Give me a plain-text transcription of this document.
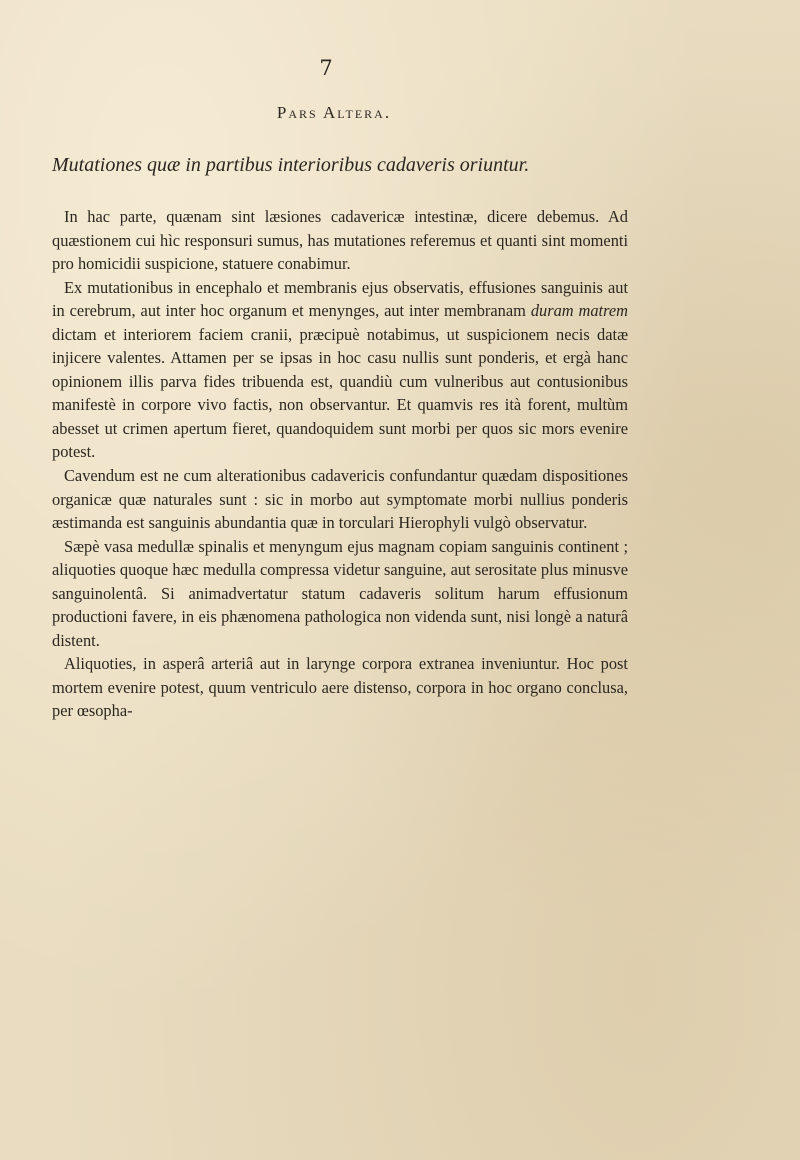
7
Pars Altera.
Mutationes quæ in partibus interioribus cadaveris oriuntur.

In hac parte, quænam sint læsiones cadavericæ intestinæ, dicere debemus. Ad quæstionem cui hìc responsuri sumus, has mutationes referemus et quanti sint momenti pro homicidii suspicione, statuere conabimur.

Ex mutationibus in encephalo et membranis ejus observatis, effusiones sanguinis aut in cerebrum, aut inter hoc organum et menynges, aut inter membranam duram matrem dictam et interiorem faciem cranii, præcipuè notabimus, ut suspicionem necis datæ injicere valentes. Attamen per se ipsas in hoc casu nullis sunt ponderis, et ergà hanc opinionem illis parva fides tribuenda est, quandiù cum vulneribus aut contusionibus manifestè in corpore vivo factis, non observantur. Et quamvis res ità forent, multùm abesset ut crimen apertum fieret, quandoquidem sunt morbi per quos sic mors evenire potest.

Cavendum est ne cum alterationibus cadavericis confundantur quædam dispositiones organicæ quæ naturales sunt : sic in morbo aut symptomate morbi nullius ponderis æstimanda est sanguinis abundantia quæ in torculari Hierophyli vulgò observatur.

Sæpè vasa medullæ spinalis et menyngum ejus magnam copiam sanguinis continent ; aliquoties quoque hæc medulla compressa videtur sanguine, aut serositate plus minusve sanguinolentâ. Si animadvertatur statum cadaveris solitum harum effusionum productioni favere, in eis phænomena pathologica non videnda sunt, nisi longè a naturâ distent.

Aliquoties, in asperâ arteriâ aut in larynge corpora extranea inveniuntur. Hoc post mortem evenire potest, quum ventriculo aere distenso, corpora in hoc organo conclusa, per œsopha-
